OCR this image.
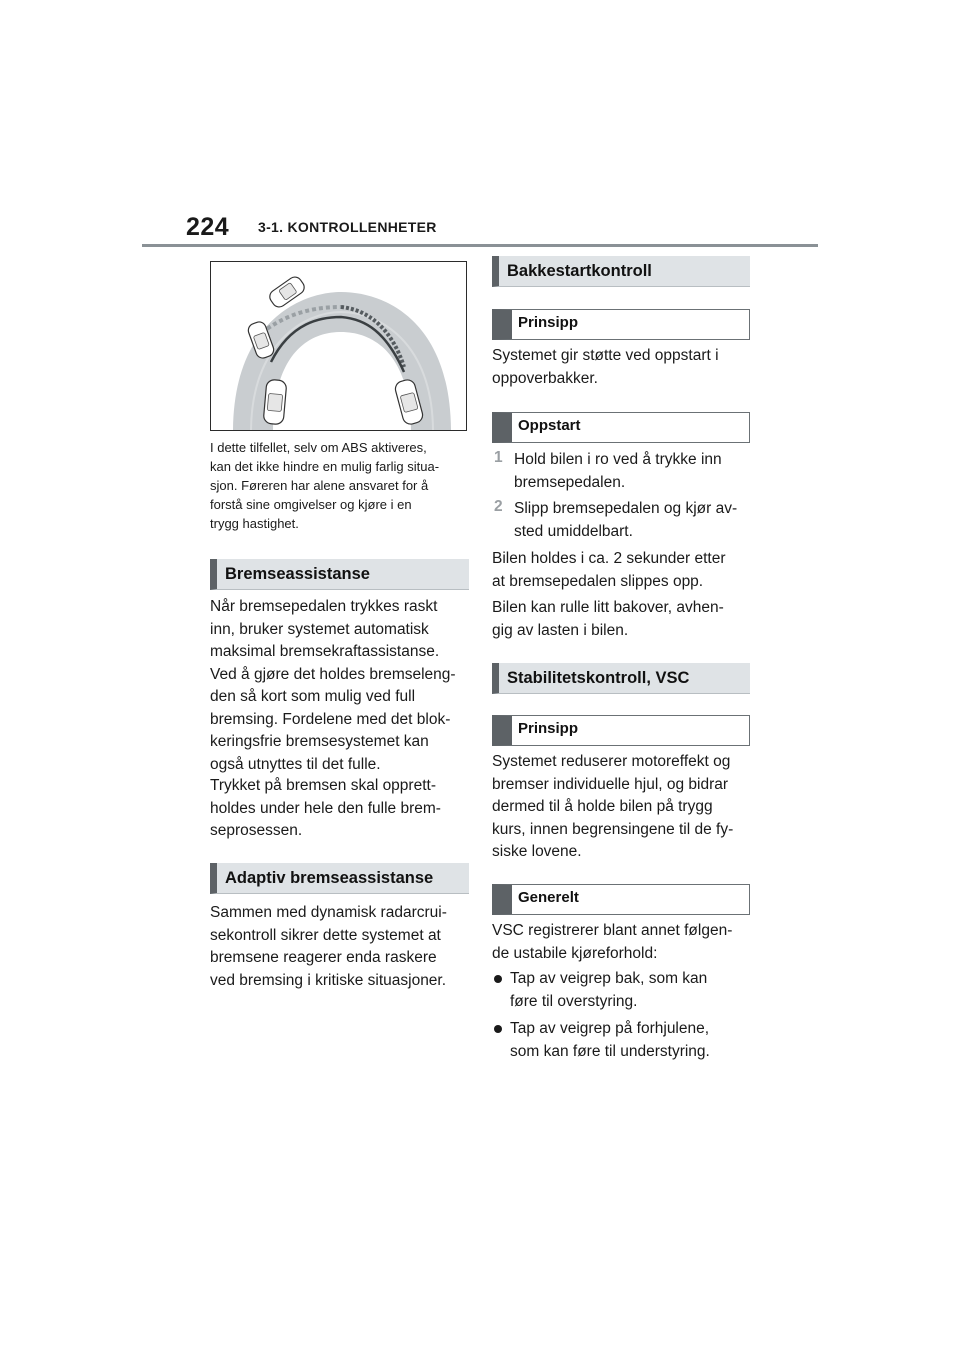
224 3-1. KONTROLLENHETER
I dette tilfellet, selv om ABS aktiveres,
kan det ikke hindre en mulig farlig situa-
sjon. Føreren har alene ansvaret for å
forstå sine omgivelser og kjøre i en
trygg hastighet.
Bremseassistanse
Når bremsepedalen trykkes raskt
inn, bruker systemet automatisk
maksimal bremsekraftassistanse.
Ved å gjøre det holdes bremseleng-
den så kort som mulig ved full
bremsing. Fordelene med det blok-
keringsfrie bremsesystemet kan
også utnyttes til det fulle.
Trykket på bremsen skal opprett-
holdes under hele den fulle brem-
seprosessen.
Adaptiv bremseassistanse
Sammen med dynamisk radarcrui-
sekontroll sikrer dette systemet at
bremsene reagerer enda raskere
ved bremsing i kritiske situasjoner.
Bakkestartkontroll
Prinsipp
Systemet gir støtte ved oppstart i
oppoverbakker.
Oppstart
1 Hold bilen i ro ved å trykke inn
bremsepedalen.
2 Slipp bremsepedalen og kjør av-
sted umiddelbart.
Bilen holdes i ca. 2 sekunder etter
at bremsepedalen slippes opp.
Bilen kan rulle litt bakover, avhen-
gig av lasten i bilen.
Stabilitetskontroll, VSC
Prinsipp
Systemet reduserer motoreffekt og
bremser individuelle hjul, og bidrar
dermed til å holde bilen på trygg
kurs, innen begrensingene til de fy-
siske lovene.
Generelt
VSC registrerer blant annet følgen-
de ustabile kjøreforhold:
Tap av veigrep bak, som kan
føre til overstyring.
Tap av veigrep på forhjulene,
som kan føre til understyring.
